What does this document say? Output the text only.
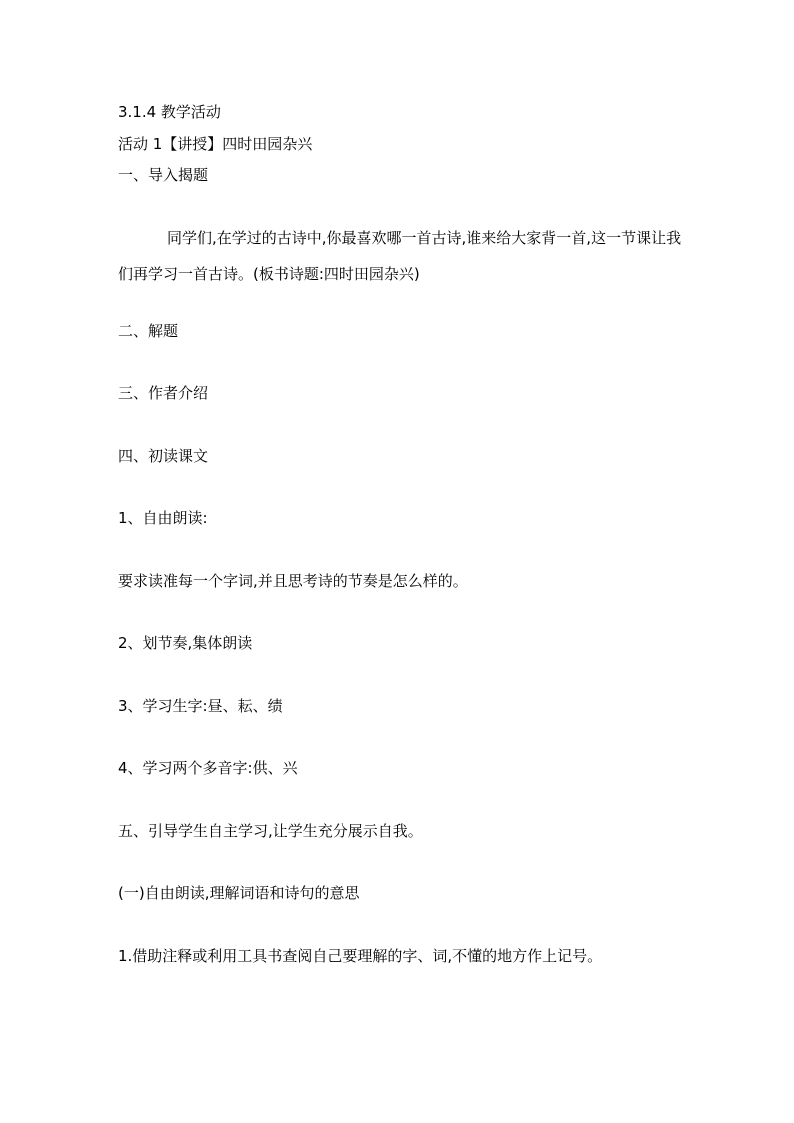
3.1.4 教学活动
活动 1【讲授】四时田园杂兴
一、导入揭题
同学们,在学过的古诗中,你最喜欢哪一首古诗,谁来给大家背一首,这一节课让我们再学习一首古诗。(板书诗题:四时田园杂兴)
二、解题
三、作者介绍
四、初读课文
1、自由朗读:
要求读准每一个字词,并且思考诗的节奏是怎么样的。
2、划节奏,集体朗读
3、学习生字:昼、耘、绩
4、学习两个多音字:供、兴
五、引导学生自主学习,让学生充分展示自我。
(一)自由朗读,理解词语和诗句的意思
1.借助注释或利用工具书查阅自己要理解的字、词,不懂的地方作上记号。
